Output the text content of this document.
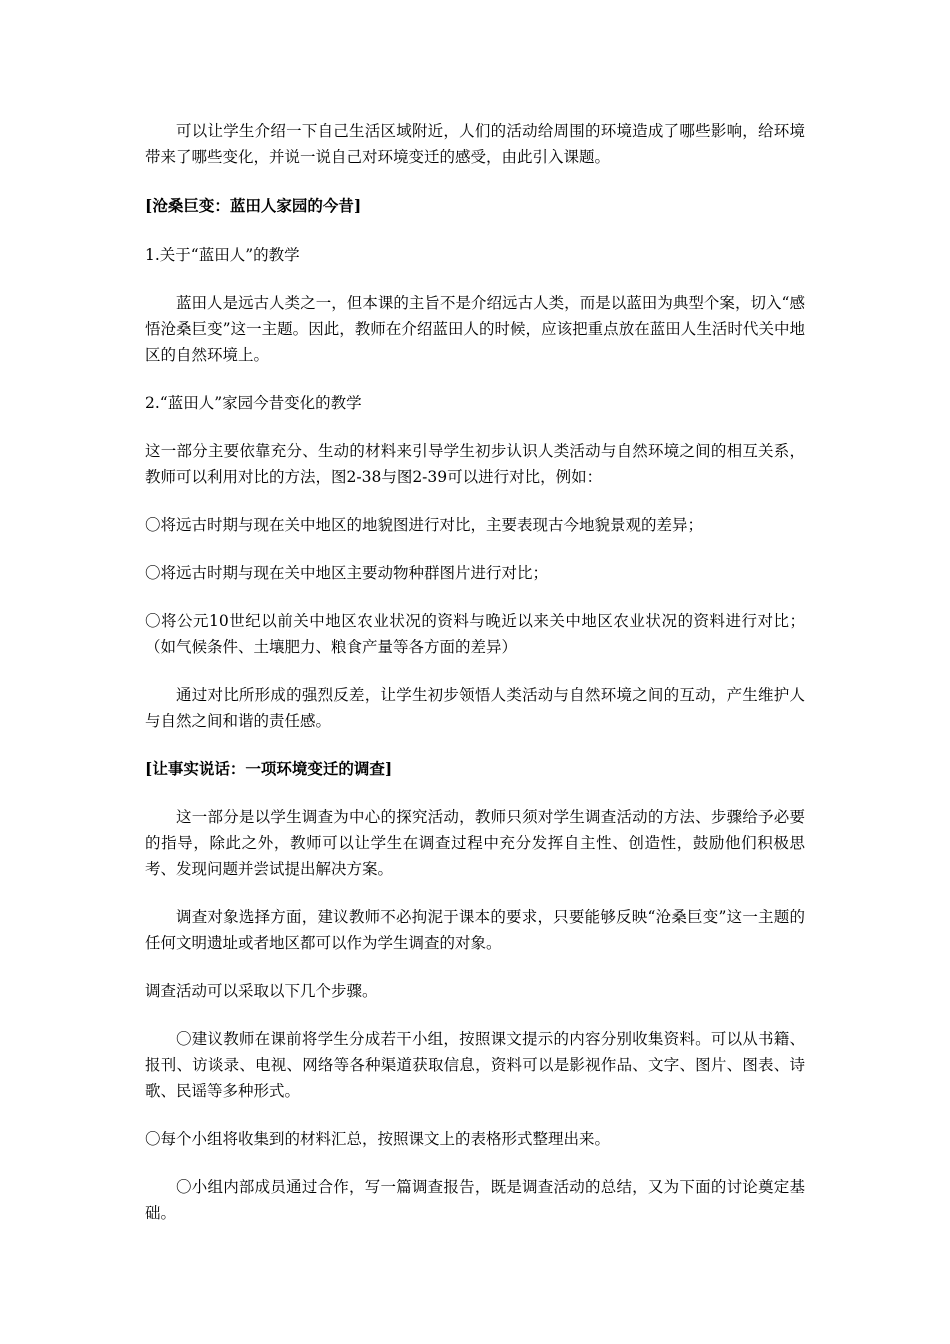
可以让学生介绍一下自己生活区域附近，人们的活动给周围的环境造成了哪些影响，给环境带来了哪些变化，并说一说自己对环境变迁的感受，由此引入课题。

[沧桑巨变：蓝田人家园的今昔]

1.关于“蓝田人”的教学

蓝田人是远古人类之一，但本课的主旨不是介绍远古人类，而是以蓝田为典型个案，切入“感悟沧桑巨变”这一主题。因此，教师在介绍蓝田人的时候，应该把重点放在蓝田人生活时代关中地区的自然环境上。

2.“蓝田人”家园今昔变化的教学

这一部分主要依靠充分、生动的材料来引导学生初步认识人类活动与自然环境之间的相互关系，教师可以利用对比的方法，图2-38与图2-39可以进行对比，例如：

〇将远古时期与现在关中地区的地貌图进行对比，主要表现古今地貌景观的差异；

〇将远古时期与现在关中地区主要动物种群图片进行对比；

〇将公元10世纪以前关中地区农业状况的资料与晚近以来关中地区农业状况的资料进行对比；（如气候条件、土壤肥力、粮食产量等各方面的差异）

通过对比所形成的强烈反差，让学生初步领悟人类活动与自然环境之间的互动，产生维护人与自然之间和谐的责任感。

[让事实说话：一项环境变迁的调查]

这一部分是以学生调查为中心的探究活动，教师只须对学生调查活动的方法、步骤给予必要的指导，除此之外，教师可以让学生在调查过程中充分发挥自主性、创造性，鼓励他们积极思考、发现问题并尝试提出解决方案。

调查对象选择方面，建议教师不必拘泥于课本的要求，只要能够反映“沧桑巨变”这一主题的任何文明遗址或者地区都可以作为学生调查的对象。

调查活动可以采取以下几个步骤。

〇建议教师在课前将学生分成若干小组，按照课文提示的内容分别收集资料。可以从书籍、报刊、访谈录、电视、网络等各种渠道获取信息，资料可以是影视作品、文字、图片、图表、诗歌、民谣等多种形式。

〇每个小组将收集到的材料汇总，按照课文上的表格形式整理出来。

〇小组内部成员通过合作，写一篇调查报告，既是调查活动的总结，又为下面的讨论奠定基础。
